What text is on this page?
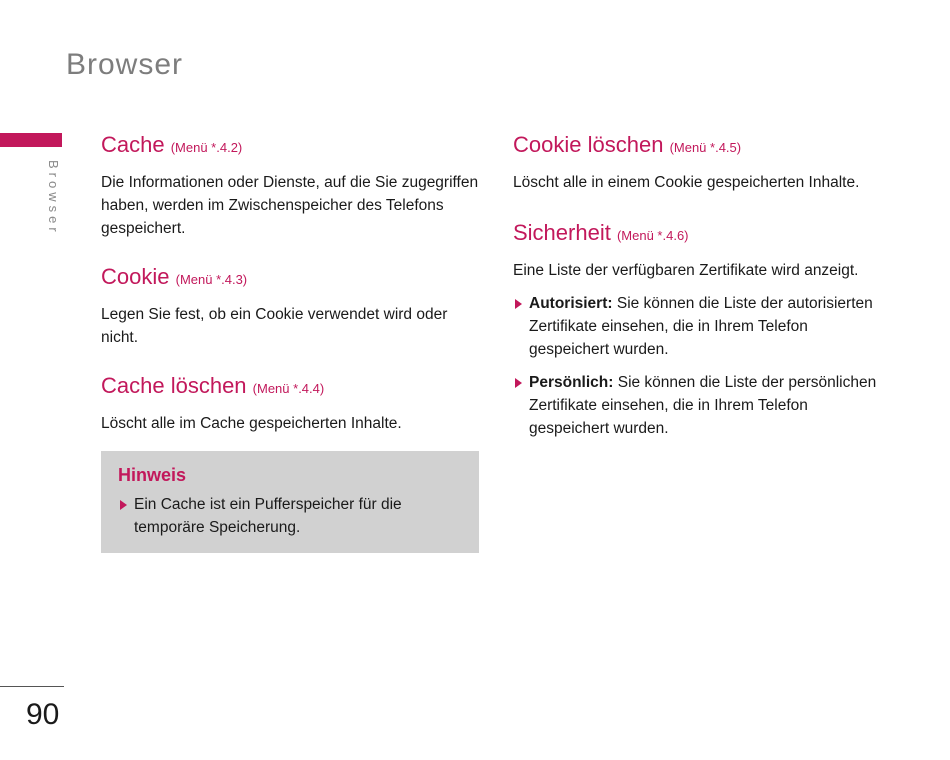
Browser
Browser
Cache (Menü *.4.2)

Die Informationen oder Dienste, auf die Sie zugegriffen haben, werden im Zwischenspeicher des Telefons gespeichert.

Cookie (Menü *.4.3)

Legen Sie fest, ob ein Cookie verwendet wird oder nicht.

Cache löschen (Menü *.4.4)

Löscht alle im Cache gespeicherten Inhalte.

Hinweis
Ein Cache ist ein Pufferspeicher für die temporäre Speicherung.
Cookie löschen (Menü *.4.5)

Löscht alle in einem Cookie gespeicherten Inhalte.

Sicherheit (Menü *.4.6)

Eine Liste der verfügbaren Zertifikate wird anzeigt.

Autorisiert: Sie können die Liste der autorisierten Zertifikate einsehen, die in Ihrem Telefon gespeichert wurden.
Persönlich: Sie können die Liste der persönlichen Zertifikate einsehen, die in Ihrem Telefon gespeichert wurden.
90
